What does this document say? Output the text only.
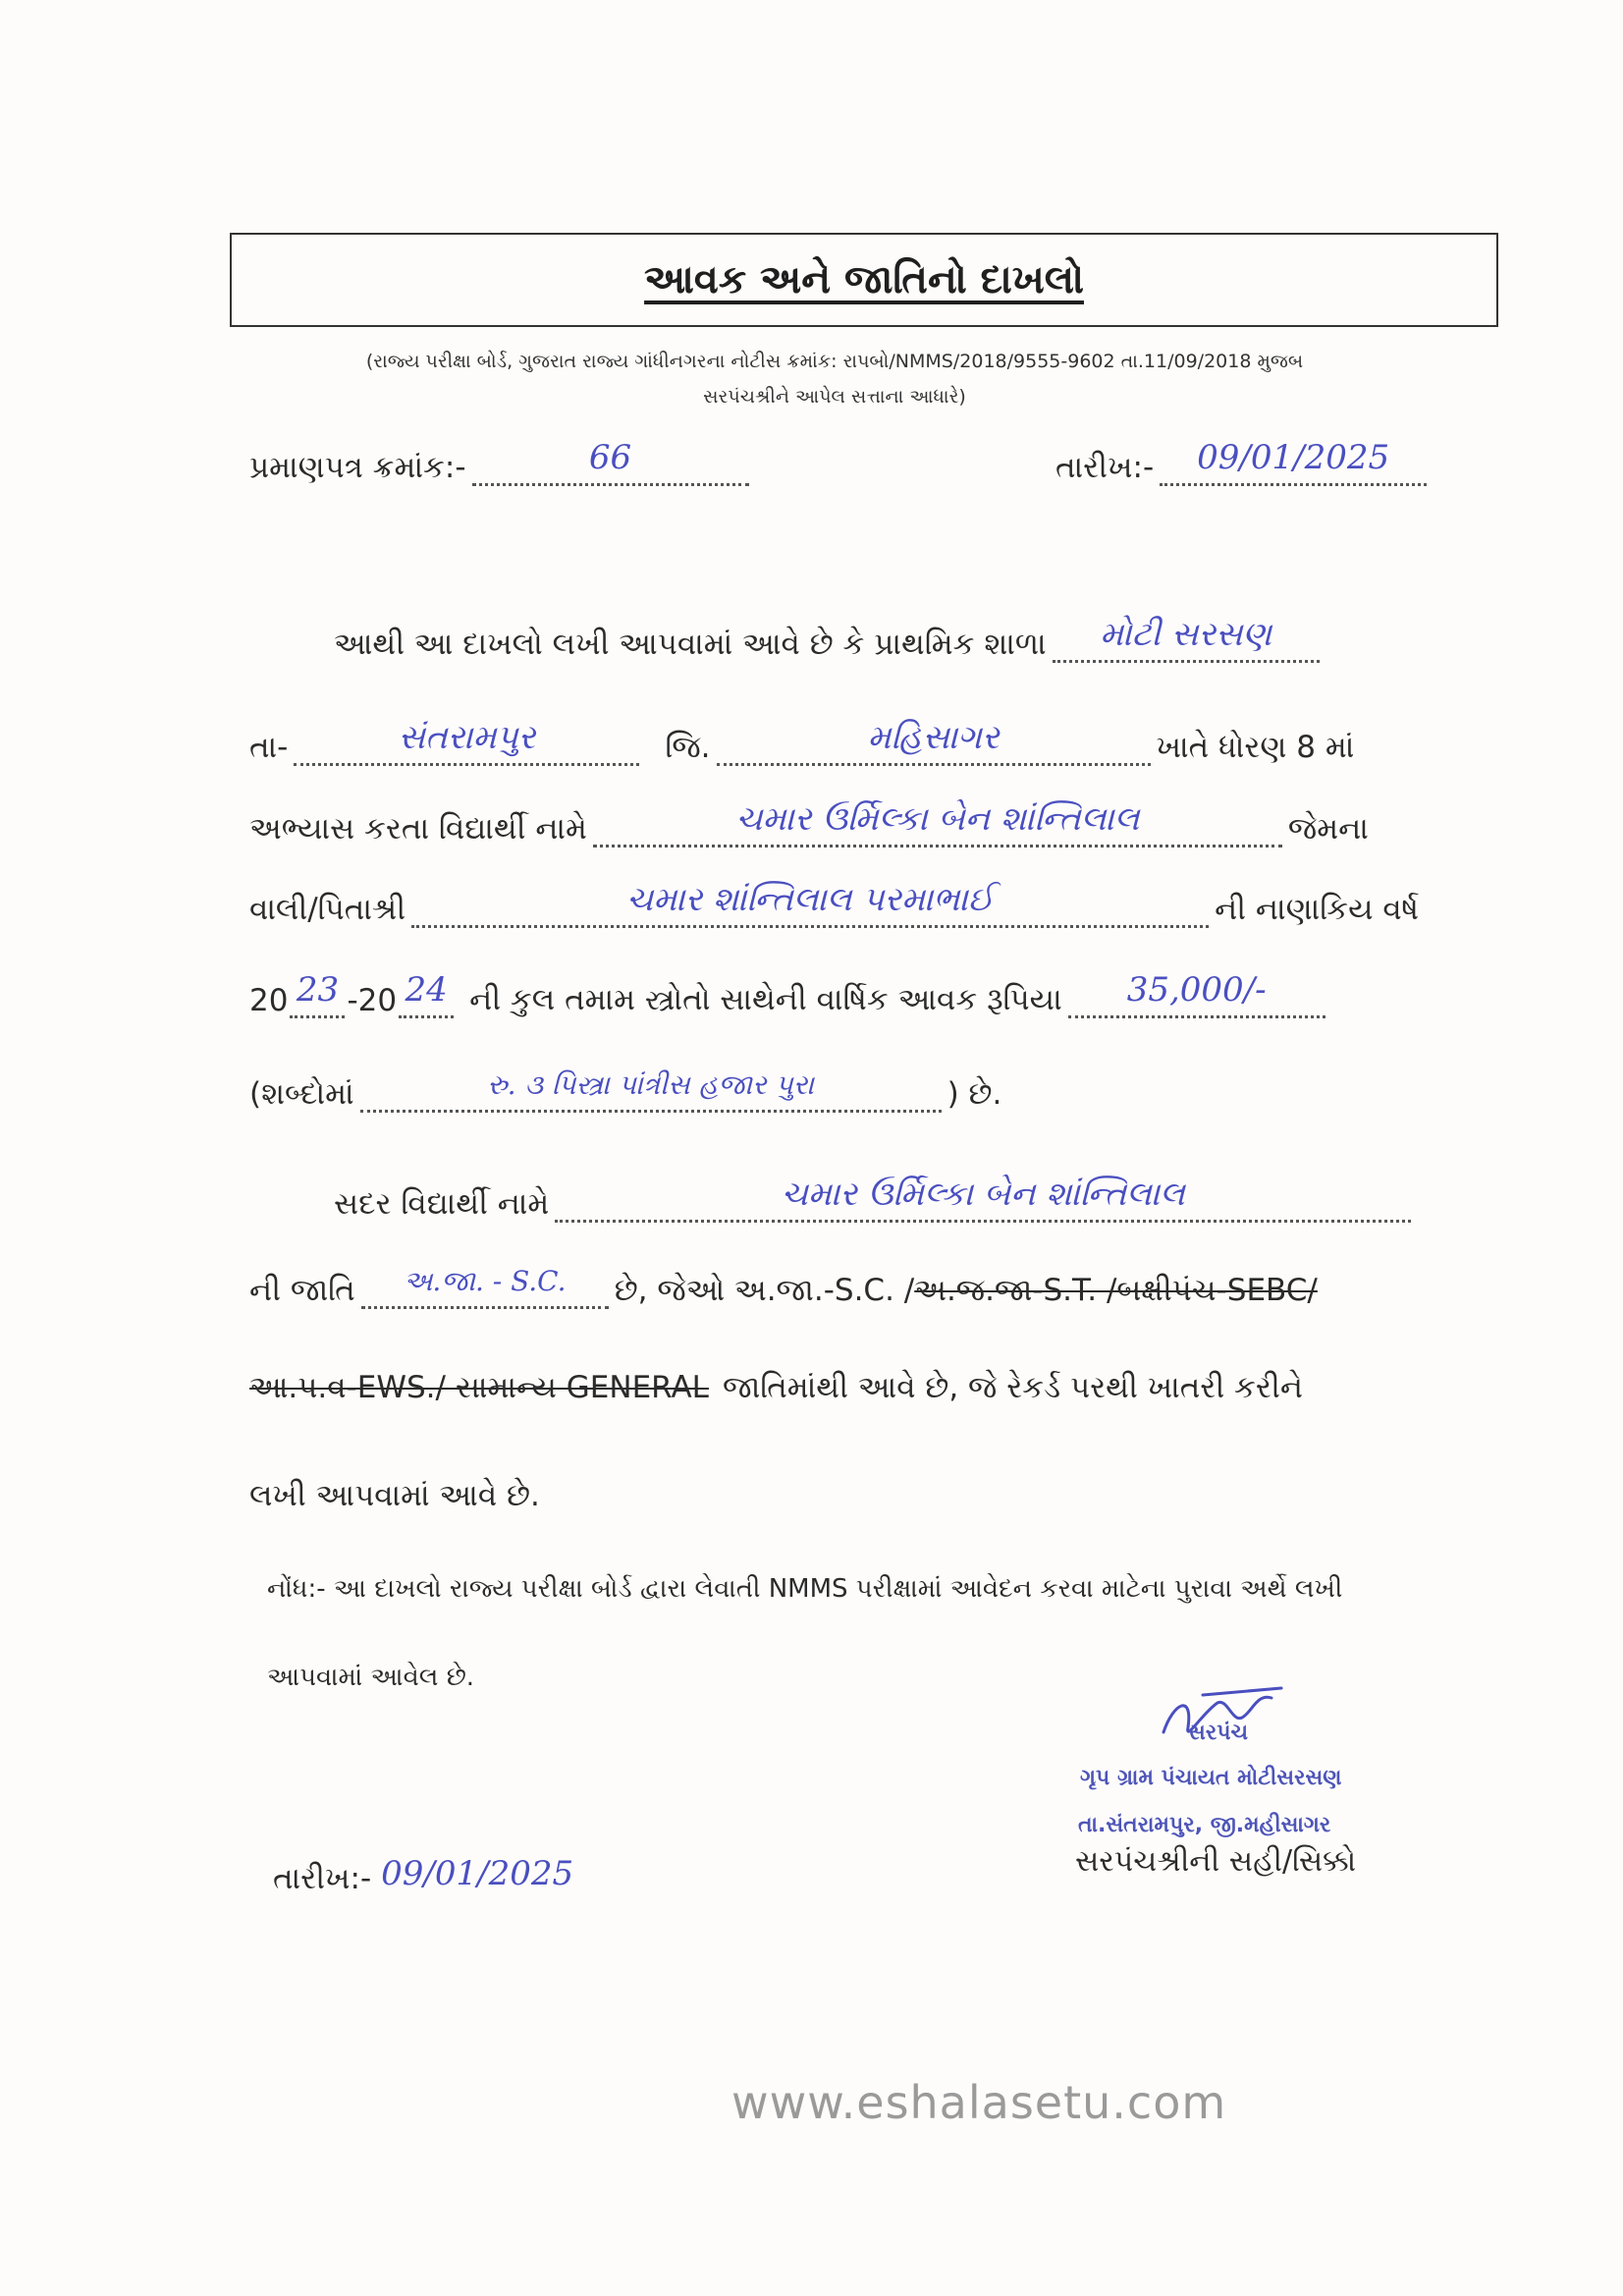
આવક અને જાતિનો દાખલો
(રાજ્ય પરીક્ષા બોર્ડ, ગુજરાત રાજ્ય ગાંધીનગરના નોટીસ ક્રમાંક: રાપબો/NMMS/2018/9555-9602 તા.11/09/2018 મુજબ
સરપંચશ્રીને આપેલ સત્તાના આધારે)
પ્રમાણપત્ર ક્રમાંક:-	66	તારીખ:-	09/01/2025
આથી આ દાખલો લખી આપવામાં આવે છે કે પ્રાથમિક શાળા	મોટી સરસણ
તા-	સંતરામપુર	જિ.	મહિસાગર	ખાતે ધોરણ 8 માં
અભ્યાસ કરતા વિદ્યાર્થી નામે	ચમાર ઉર્મિલ્કા બેન શાંન્તિલાલ	જેમના
વાલી/પિતાશ્રી	ચમાર શાંન્તિલાલ પરમાભાઈ	ની નાણાકિય વર્ષ
20 23 -20 24 ની કુલ તમામ સ્ત્રોતો સાથેની વાર્ષિક આવક રૂપિયા	35,000/-
(શબ્દોમાં	રુ. ૩ પિસ્ત્રા પાંત્રીસ હજાર પુરા	) છે.
સદર વિદ્યાર્થી નામે	ચમાર ઉર્મિલ્કા બેન શાંન્તિલાલ
ની જાતિ	અ.જા. - S.C.	છે, જેઓ અ.જા.-S.C. / અ.જ.જા-S.T. /બક્ષીપંચ-SEBC/
આ.પ.વ-EWS./ સામાન્ય GENERAL જાતિમાંથી આવે છે, જે રેકર્ડ પરથી ખાતરી કરીને
લખી આપવામાં આવે છે.
નોંધ:- આ દાખલો રાજ્ય પરીક્ષા બોર્ડ દ્વારા લેવાતી NMMS પરીક્ષામાં આવેદન કરવા માટેના પુરાવા અર્થે લખી
આપવામાં આવેલ છે.
સરપંચ
ગૃપ ગ્રામ પંચાયત મોટીસરસણ
તા.સંતરામપુર, જી.મહીસાગર
તારીખ:- 09/01/2025	સરપંચશ્રીની સહી/સિક્કો
www.eshalasetu.com
